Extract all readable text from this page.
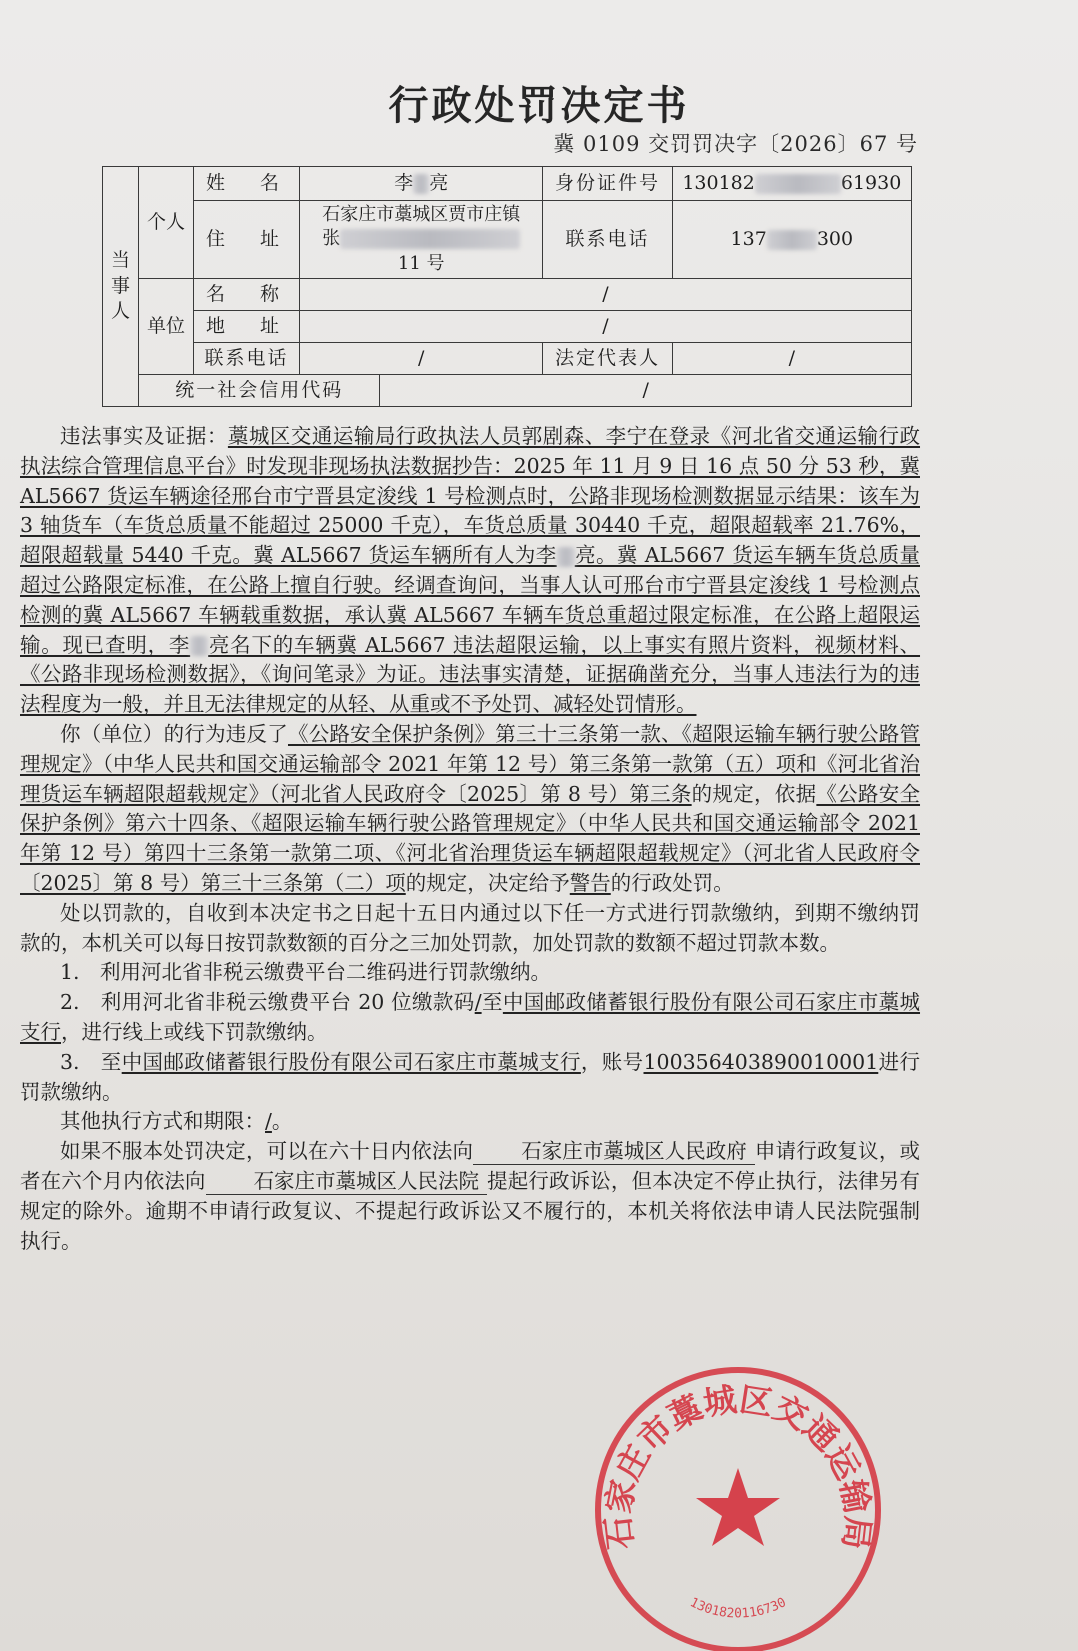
行政处罚决定书
冀 0109 交罚罚决字〔2026〕67 号
当事人	个人	姓　名	李 亮		身份证件号	130182 61930
		住　址	石家庄市藁城区贾市庄镇
张
11 号		联系电话	137 300
	单位	名　称	/			
		地　址	/			
		联系电话	/		法定代表人	/
	统一社会信用代码			/		

违法事实及证据：藁城区交通运输局行政执法人员郭剧森、李宁在登录《河北省交通运输行政执法综合管理信息平台》时发现非现场执法数据抄告：2025 年 11 月 9 日 16 点 50 分 53 秒，冀 AL5667 货运车辆途径邢台市宁晋县定浚线 1 号检测点时，公路非现场检测数据显示结果：该车为 3 轴货车（车货总质量不能超过 25000 千克），车货总质量 30440 千克，超限超载率 21.76%，超限超载量 5440 千克。冀 AL5667 货运车辆所有人为李 亮。冀 AL5667 货运车辆车货总质量超过公路限定标准，在公路上擅自行驶。经调查询问，当事人认可邢台市宁晋县定浚线 1 号检测点检测的冀 AL5667 车辆载重数据，承认冀 AL5667 车辆车货总重超过限定标准，在公路上超限运输。现已查明，李 亮名下的车辆冀 AL5667 违法超限运输，以上事实有照片资料，视频材料、《公路非现场检测数据》，《询问笔录》为证。违法事实清楚，证据确凿充分，当事人违法行为的违法程度为一般，并且无法律规定的从轻、从重或不予处罚、减轻处罚情形。

你（单位）的行为违反了《公路安全保护条例》第三十三条第一款、《超限运输车辆行驶公路管理规定》（中华人民共和国交通运输部令 2021 年第 12 号）第三条第一款第（五）项和《河北省治理货运车辆超限超载规定》（河北省人民政府令〔2025〕第 8 号）第三条的规定，依据《公路安全保护条例》第六十四条、《超限运输车辆行驶公路管理规定》（中华人民共和国交通运输部令 2021 年第 12 号）第四十三条第一款第二项、《河北省治理货运车辆超限超载规定》（河北省人民政府令〔2025〕第 8 号）第三十三条第（二）项的规定，决定给予警告的行政处罚。

处以罚款的，自收到本决定书之日起十五日内通过以下任一方式进行罚款缴纳，到期不缴纳罚款的，本机关可以每日按罚款数额的百分之三加处罚款，加处罚款的数额不超过罚款本数。

1.　利用河北省非税云缴费平台二维码进行罚款缴纳。

2.　利用河北省非税云缴费平台 20 位缴款码/至中国邮政储蓄银行股份有限公司石家庄市藁城支行，进行线上或线下罚款缴纳。

3.　至中国邮政储蓄银行股份有限公司石家庄市藁城支行，账号100356403890010001进行罚款缴纳。

其他执行方式和期限：/。

如果不服本处罚决定，可以在六十日内依法向 石家庄市藁城区人民政府 申请行政复议，或者在六个月内依法向 石家庄市藁城区人民法院 提起行政诉讼，但本决定不停止执行，法律另有规定的除外。逾期不申请行政复议、不提起行政诉讼又不履行的，本机关将依法申请人民法院强制执行。

石家庄市藁城区交通运输局
1301820116730
